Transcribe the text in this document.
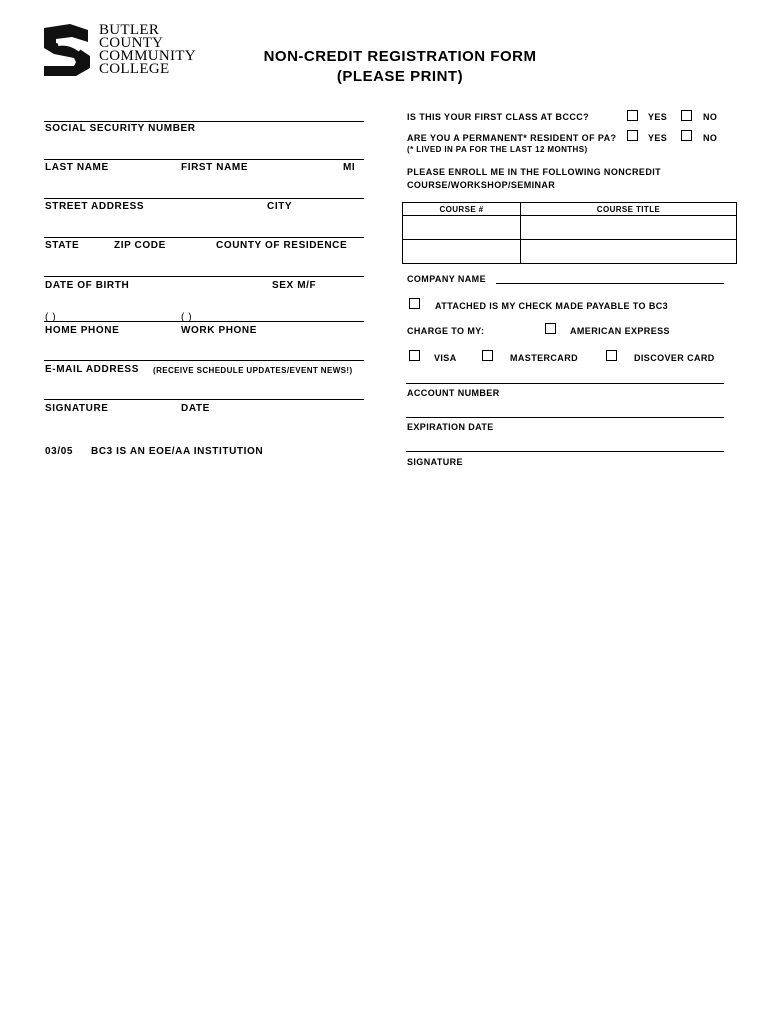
BUTLER
COUNTY
COMMUNITY
COLLEGE
NON-CREDIT REGISTRATION FORM
(PLEASE PRINT)
SOCIAL SECURITY NUMBER
LAST NAME	FIRST NAME	MI
STREET ADDRESS	CITY
STATE	ZIP CODE	COUNTY OF RESIDENCE
DATE OF BIRTH	SEX M/F
( )	( )
HOME PHONE	WORK PHONE
E-MAIL ADDRESS (RECEIVE SCHEDULE UPDATES/EVENT NEWS!)
SIGNATURE	DATE
03/05 BC3 IS AN EOE/AA INSTITUTION
IS THIS YOUR FIRST CLASS AT BCCC?	YES	NO
ARE YOU A PERMANENT* RESIDENT OF PA?	YES	NO
(* LIVED IN PA FOR THE LAST 12 MONTHS)
PLEASE ENROLL ME IN THE FOLLOWING NONCREDIT
COURSE/WORKSHOP/SEMINAR
COURSE #	COURSE TITLE

COMPANY NAME
ATTACHED IS MY CHECK MADE PAYABLE TO BC3
CHARGE TO MY:	AMERICAN EXPRESS
VISA	MASTERCARD	DISCOVER CARD
ACCOUNT NUMBER
EXPIRATION DATE
SIGNATURE
